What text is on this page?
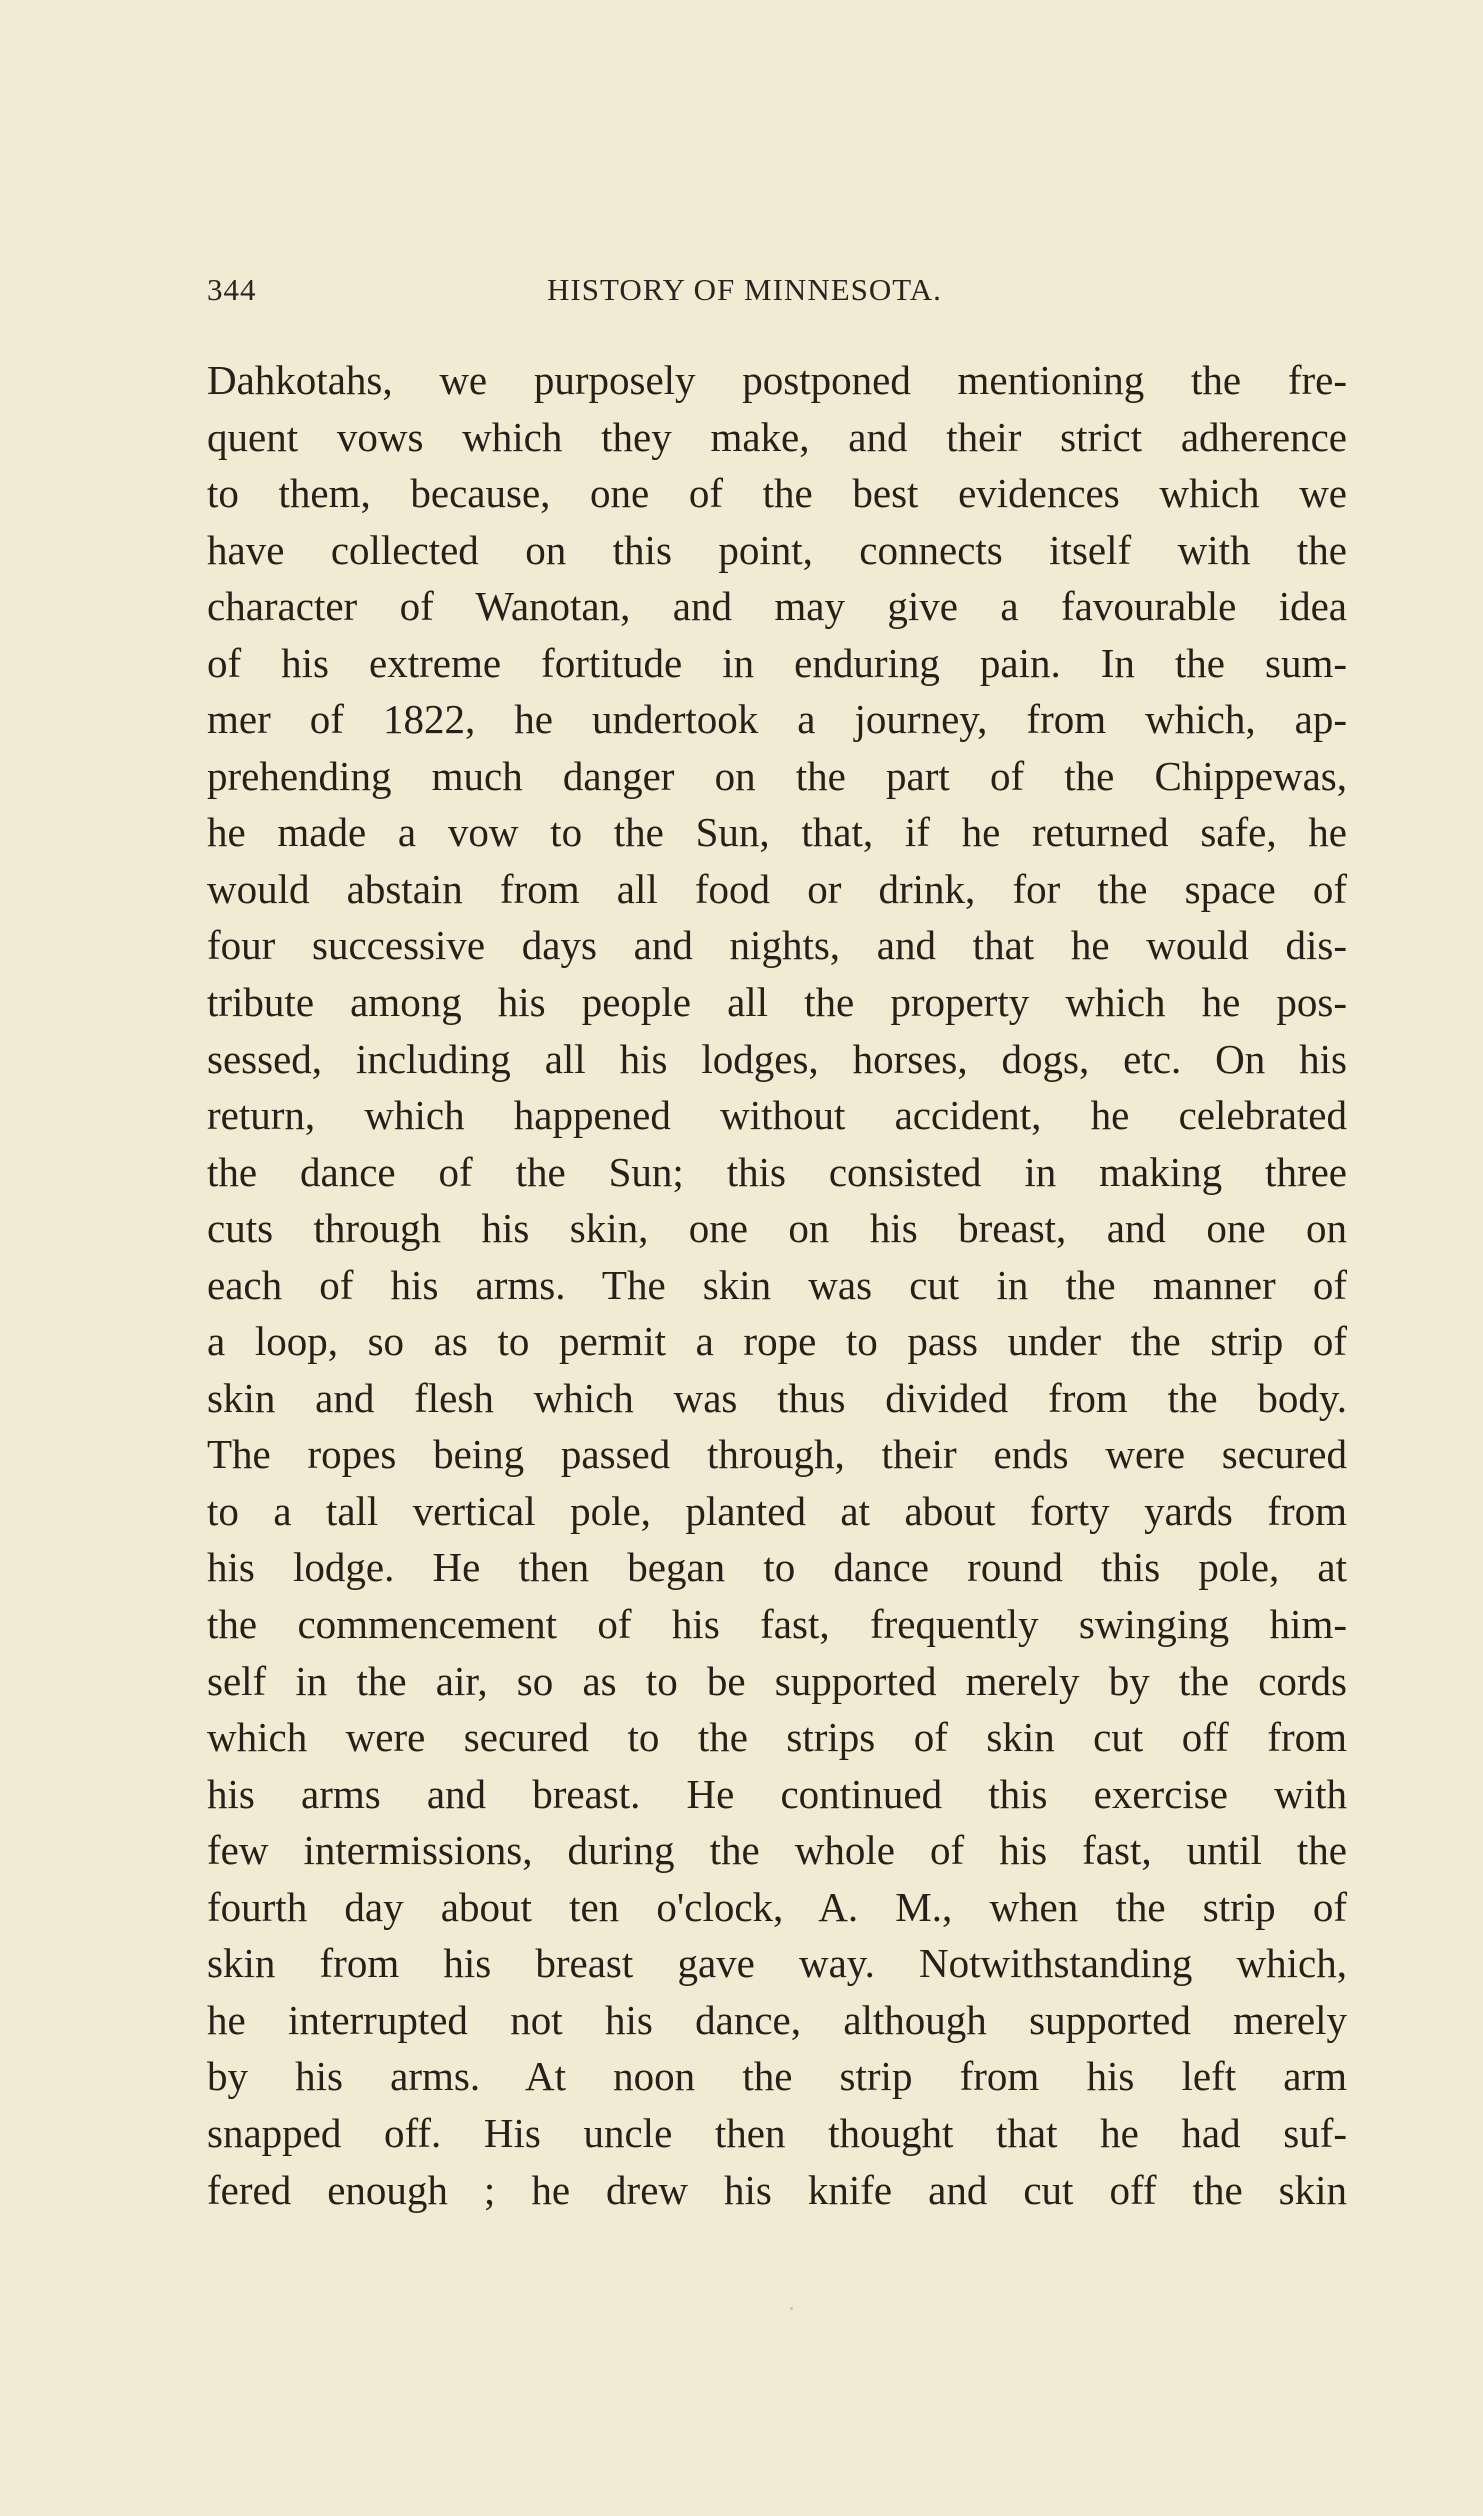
344	HISTORY OF MINNESOTA.
Dahkotahs, we purposely postponed mentioning the fre-
quent vows which they make, and their strict adherence
to them, because, one of the best evidences which we
have collected on this point, connects itself with the
character of Wanotan, and may give a favourable idea
of his extreme fortitude in enduring pain. In the sum-
mer of 1822, he undertook a journey, from which, ap-
prehending much danger on the part of the Chippewas,
he made a vow to the Sun, that, if he returned safe, he
would abstain from all food or drink, for the space of
four successive days and nights, and that he would dis-
tribute among his people all the property which he pos-
sessed, including all his lodges, horses, dogs, etc. On his
return, which happened without accident, he celebrated
the dance of the Sun; this consisted in making three
cuts through his skin, one on his breast, and one on
each of his arms. The skin was cut in the manner of
a loop, so as to permit a rope to pass under the strip of
skin and flesh which was thus divided from the body.
The ropes being passed through, their ends were secured
to a tall vertical pole, planted at about forty yards from
his lodge. He then began to dance round this pole, at
the commencement of his fast, frequently swinging him-
self in the air, so as to be supported merely by the cords
which were secured to the strips of skin cut off from
his arms and breast. He continued this exercise with
few intermissions, during the whole of his fast, until the
fourth day about ten o'clock, A. M., when the strip of
skin from his breast gave way. Notwithstanding which,
he interrupted not his dance, although supported merely
by his arms. At noon the strip from his left arm
snapped off. His uncle then thought that he had suf-
fered enough ; he drew his knife and cut off the skin
